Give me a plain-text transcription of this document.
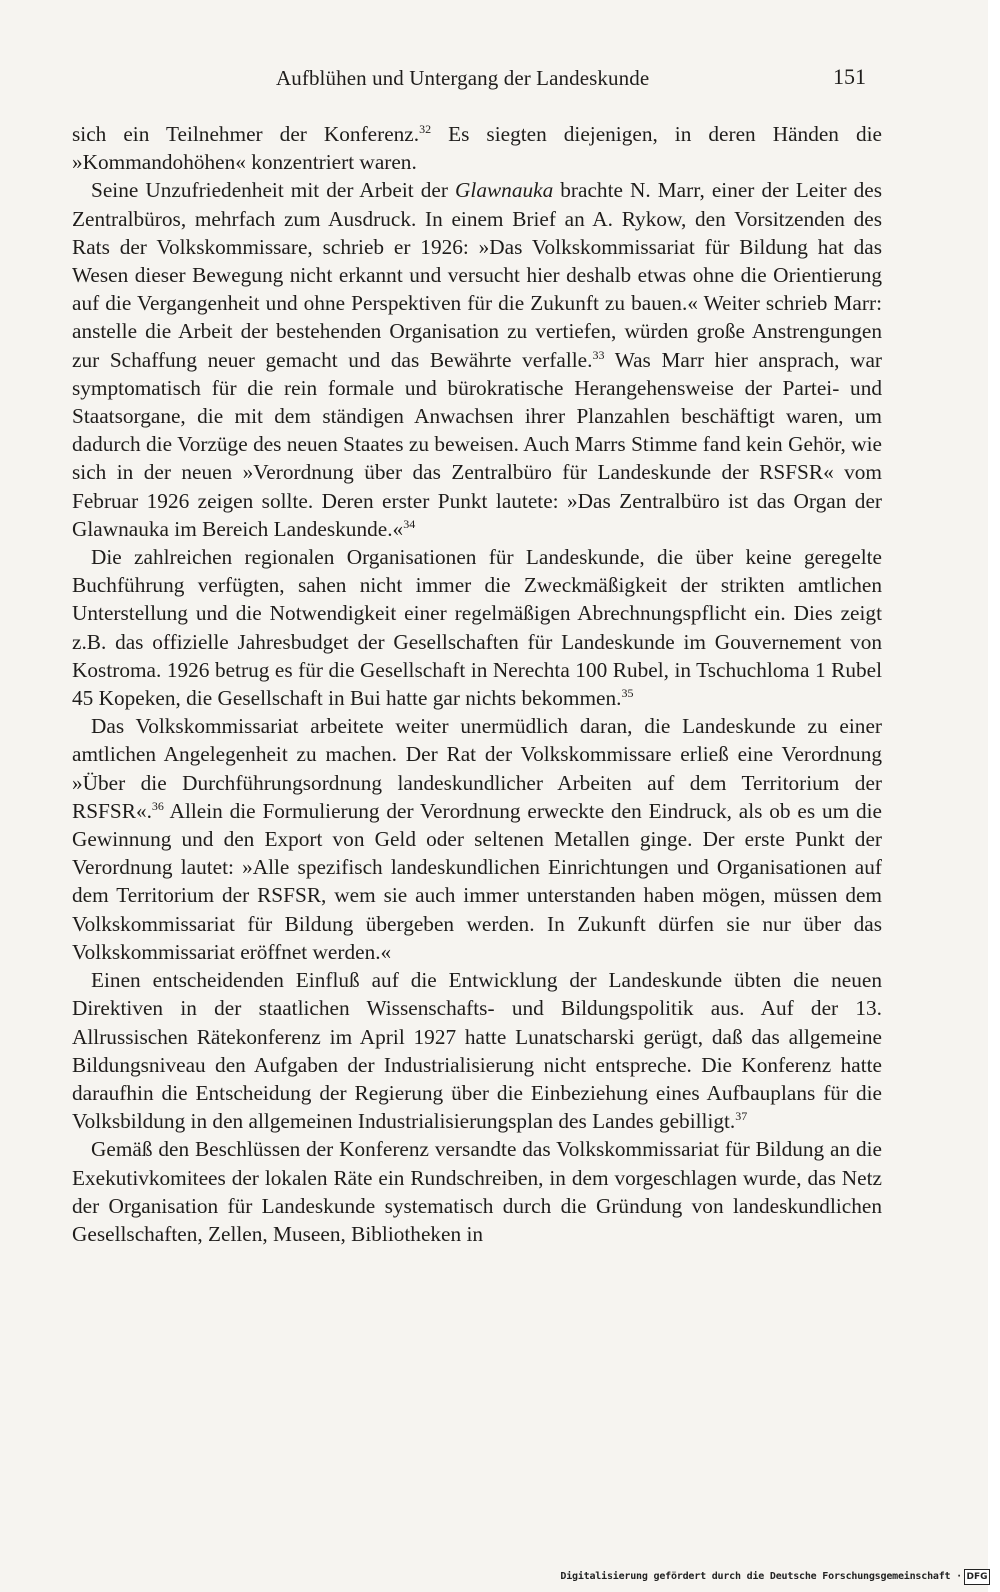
Aufblühen und Untergang der Landeskunde	151

sich ein Teilnehmer der Konferenz.$^{32}$ Es siegten diejenigen, in deren Händen die »Kommandohöhen« konzentriert waren.

Seine Unzufriedenheit mit der Arbeit der Glawnauka brachte N. Marr, einer der Leiter des Zentralbüros, mehrfach zum Ausdruck. In einem Brief an A. Rykow, den Vorsitzenden des Rats der Volkskommissare, schrieb er 1926: »Das Volkskommissariat für Bildung hat das Wesen dieser Bewegung nicht erkannt und versucht hier deshalb etwas ohne die Orientierung auf die Vergangenheit und ohne Perspektiven für die Zukunft zu bauen.« Weiter schrieb Marr: anstelle die Arbeit der bestehenden Organisation zu vertiefen, würden große Anstrengungen zur Schaffung neuer gemacht und das Bewährte verfalle.$^{33}$ Was Marr hier ansprach, war symptomatisch für die rein formale und bürokratische Herangehensweise der Partei- und Staatsorgane, die mit dem ständigen Anwachsen ihrer Planzahlen beschäftigt waren, um dadurch die Vorzüge des neuen Staates zu beweisen. Auch Marrs Stimme fand kein Gehör, wie sich in der neuen »Verordnung über das Zentralbüro für Landeskunde der RSFSR« vom Februar 1926 zeigen sollte. Deren erster Punkt lautete: »Das Zentralbüro ist das Organ der Glawnauka im Bereich Landeskunde.«$^{34}$

Die zahlreichen regionalen Organisationen für Landeskunde, die über keine geregelte Buchführung verfügten, sahen nicht immer die Zweckmäßigkeit der strikten amtlichen Unterstellung und die Notwendigkeit einer regelmäßigen Abrechnungspflicht ein. Dies zeigt z.B. das offizielle Jahresbudget der Gesellschaften für Landeskunde im Gouvernement von Kostroma. 1926 betrug es für die Gesellschaft in Nerechta 100 Rubel, in Tschuchloma 1 Rubel 45 Kopeken, die Gesellschaft in Bui hatte gar nichts bekommen.$^{35}$

Das Volkskommissariat arbeitete weiter unermüdlich daran, die Landeskunde zu einer amtlichen Angelegenheit zu machen. Der Rat der Volkskommissare erließ eine Verordnung »Über die Durchführungsordnung landeskundlicher Arbeiten auf dem Territorium der RSFSR«.$^{36}$ Allein die Formulierung der Verordnung erweckte den Eindruck, als ob es um die Gewinnung und den Export von Geld oder seltenen Metallen ginge. Der erste Punkt der Verordnung lautet: »Alle spezifisch landeskundlichen Einrichtungen und Organisationen auf dem Territorium der RSFSR, wem sie auch immer unterstanden haben mögen, müssen dem Volkskommissariat für Bildung übergeben werden. In Zukunft dürfen sie nur über das Volkskommissariat eröffnet werden.«

Einen entscheidenden Einfluß auf die Entwicklung der Landeskunde übten die neuen Direktiven in der staatlichen Wissenschafts- und Bildungspolitik aus. Auf der 13. Allrussischen Rätekonferenz im April 1927 hatte Lunatscharski gerügt, daß das allgemeine Bildungsniveau den Aufgaben der Industrialisierung nicht entspreche. Die Konferenz hatte daraufhin die Entscheidung der Regierung über die Einbeziehung eines Aufbauplans für die Volksbildung in den allgemeinen Industrialisierungsplan des Landes gebilligt.$^{37}$

Gemäß den Beschlüssen der Konferenz versandte das Volkskommissariat für Bildung an die Exekutivkomitees der lokalen Räte ein Rundschreiben, in dem vorgeschlagen wurde, das Netz der Organisation für Landeskunde systematisch durch die Gründung von landeskundlichen Gesellschaften, Zellen, Museen, Bibliotheken in

Digitalisierung gefördert durch die Deutsche Forschungsgemeinschaft · DFG
